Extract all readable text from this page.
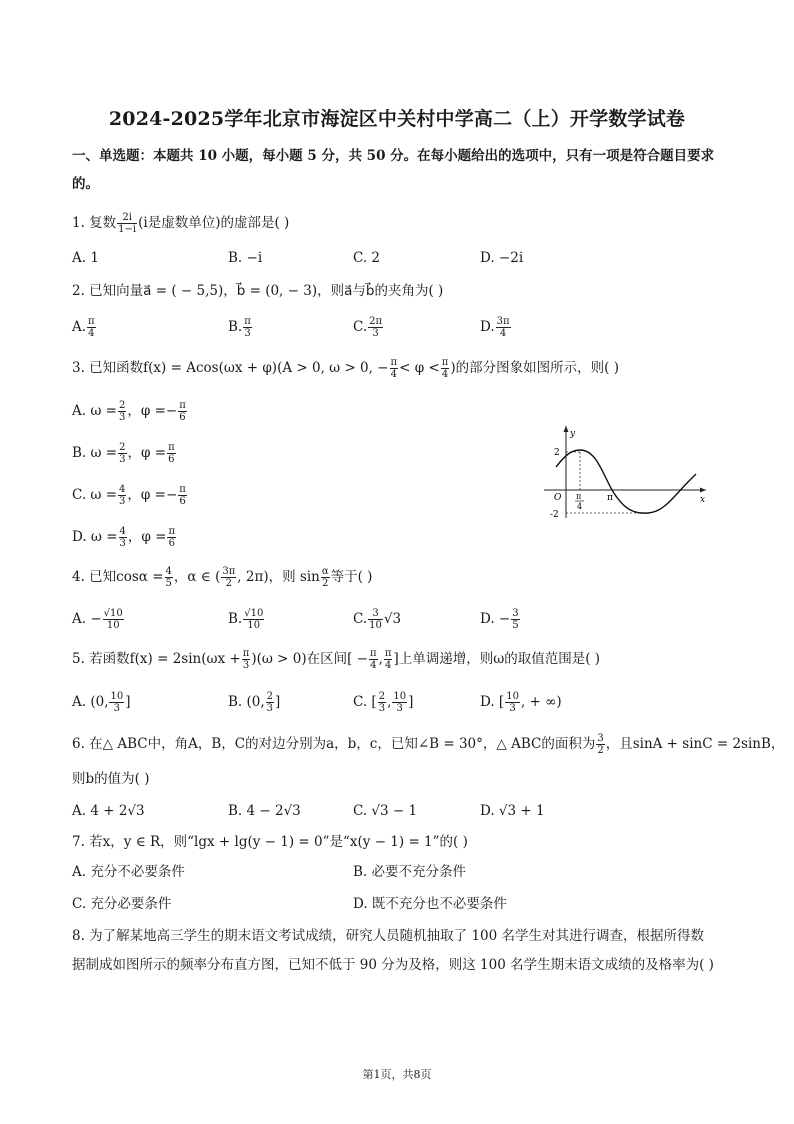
2024-2025学年北京市海淀区中关村中学高二（上）开学数学试卷
一、单选题：本题共 10 小题，每小题 5 分，共 50 分。在每小题给出的选项中，只有一项是符合题目要求
的。
1. 复数 $\frac{2i}{1-i} (i$是虚数单位)的虚部是( )
A. 1	B. −i	C. 2	D. −2i
2. 已知向量a⃗ = ( − 5,5)，b⃗ = (0, − 3)，则a⃗与b⃗的夹角为( )
A. $\frac{\pi}{4}$	B. $\frac{\pi}{3}$	C. $\frac{2\pi}{3}$	D. $\frac{3\pi}{4}$
3. 已知函数f(x) = Acos(ωx + φ)(A > 0, ω > 0, − $\frac{\pi}{4} < \varphi < \frac{\pi}{4}$ )的部分图象如图所示，则( )
A. $\omega = \frac{2}{3}$ ，$\varphi =- \frac{\pi}{6}$
B. $\omega = \frac{2}{3}$ ，$\varphi = \frac{\pi}{6}$
C. $\omega = \frac{4}{3}$ ，$\varphi =- \frac{\pi}{6}$
D. $\omega = \frac{4}{3}$ ，$\varphi = \frac{\pi}{6}$
y
x
O
2
-2
π
4
π
4. 已知$\cos\alpha = \frac{4}{5}$ ，α ∈ ( $\frac{3\pi}{2}$ , 2π)，则 $\sin \frac{\alpha}{2}$ 等于( )
A. − $\frac{√10}{10}$	B. $\frac{√10}{10}$	C. $\frac{3}{10} √3$	D. − $\frac{3}{5}$
5. 若函数$f(x) = 2\sin(\omega x + \frac{\pi}{3} )(\omega > 0)$在区间[ − $\frac{\pi}{4}$ , $\frac{\pi}{4}$ ]上单调递增，则ω的取值范围是( )
A. (0, $\frac{10}{3}$ ]	B. (0, $\frac{2}{3}$ ]	C. [ $\frac{2}{3}$ , $\frac{10}{3}$ ]	D. [ $\frac{10}{3}$ , + ∞)
6. 在△ ABC中，角A，B，C的对边分别为a，b，c，已知∠B = 30°，△ ABC的面积为 $\frac{3}{2}$ ，且sinA + sinC = 2sinB，
则b的值为( )
A. 4 + 2√3	B. 4 − 2√3	C. √3 − 1	D. √3 + 1
7. 若x，y ∈ R，则“lgx + lg(y − 1) = 0”是“x(y − 1) = 1”的( )
A. 充分不必要条件	B. 必要不充分条件
C. 充分必要条件	D. 既不充分也不必要条件
8. 为了解某地高三学生的期末语文考试成绩，研究人员随机抽取了 100 名学生对其进行调查，根据所得数
据制成如图所示的频率分布直方图，已知不低于 90 分为及格，则这 100 名学生期末语文成绩的及格率为( )
第1页，共8页
